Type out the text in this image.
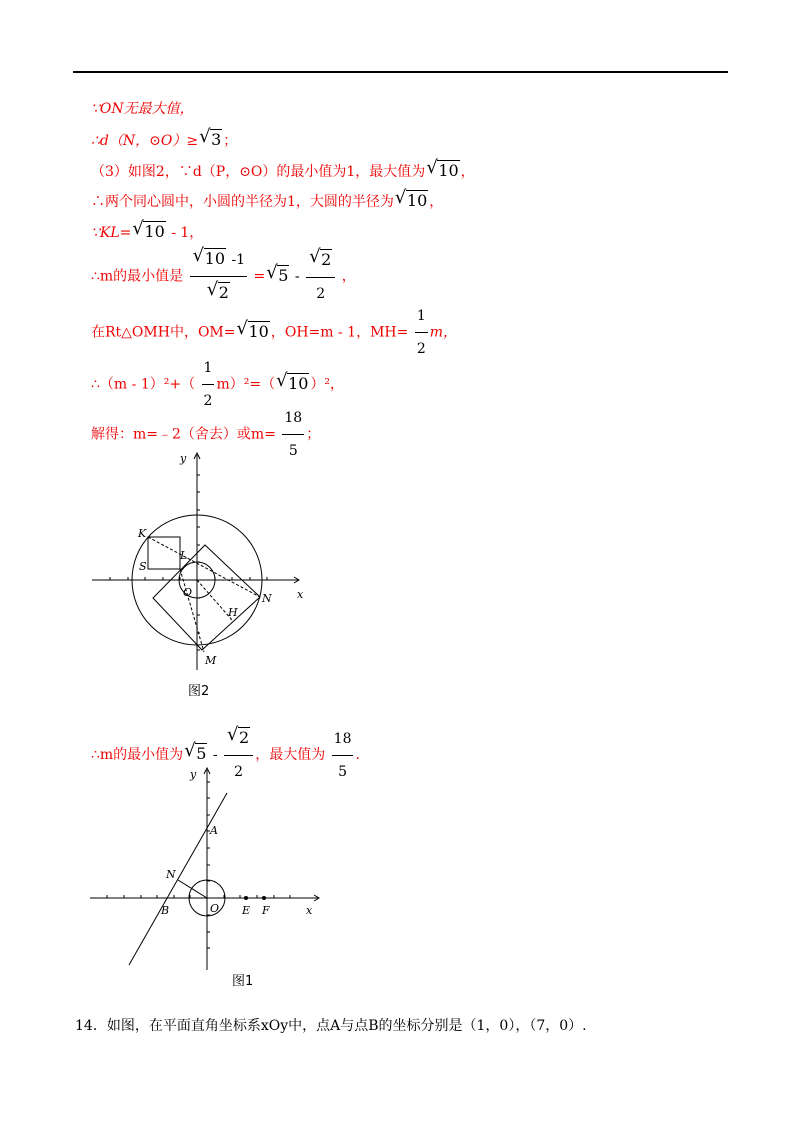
∵ON无最大值，
∴d（N，⊙O）≥ √ 3 ；
（3）如图2，∵d（P，⊙O）的最小值为1，最大值为 √ 10 ，
∴两个同心圆中，小圆的半径为1，大圆的半径为 √ 10 ，
∵KL= √ 10 - 1，
∴m的最小值是 $\frac{√ 10 -1}{√ 2}$ = √ $5 - \frac{√ 2}{2}$ ，
在Rt△OMH中，OM= √ 10 ，OH=m - 1，$MH= \frac{1}{2}$ m，
∴（m - $1)^2+( \frac{1}{2} m)^2=$（ √ 10 ）²，
解得：m=﹣2（舍去）或$m= \frac{18}{5}$ ；
y
x
K
L
S
O	N
H
M
图2
∴m的最小值为 √ $5 - \frac{√ 2}{2}$ ，最大值为 $\frac{18}{5}$ .
y
x
A
N
B	O E F
图1
14．如图，在平面直角坐标系xOy中，点A与点B的坐标分别是（1，0），（7，0）.
